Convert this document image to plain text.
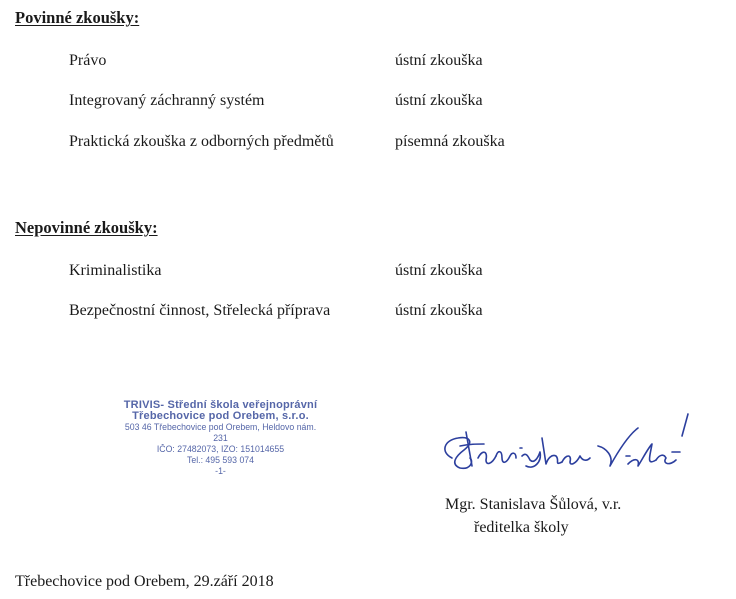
Povinné zkoušky:
Právo	ústní zkouška
Integrovaný záchranný systém	ústní zkouška
Praktická zkouška z odborných předmětů	písemná zkouška
Nepovinné zkoušky:
Kriminalistika	ústní zkouška
Bezpečnostní činnost, Střelecká příprava	ústní zkouška
TRIVIS- Střední škola veřejnoprávní
Třebechovice pod Orebem, s.r.o.
503 46 Třebechovice pod Orebem, Heldovo nám. 231
IČO: 27482073, IZO: 151014655
Tel.: 495 593 074
-1-
Mgr. Stanislava Šůlová, v.r.
ředitelka školy
Třebechovice pod Orebem, 29.září 2018
